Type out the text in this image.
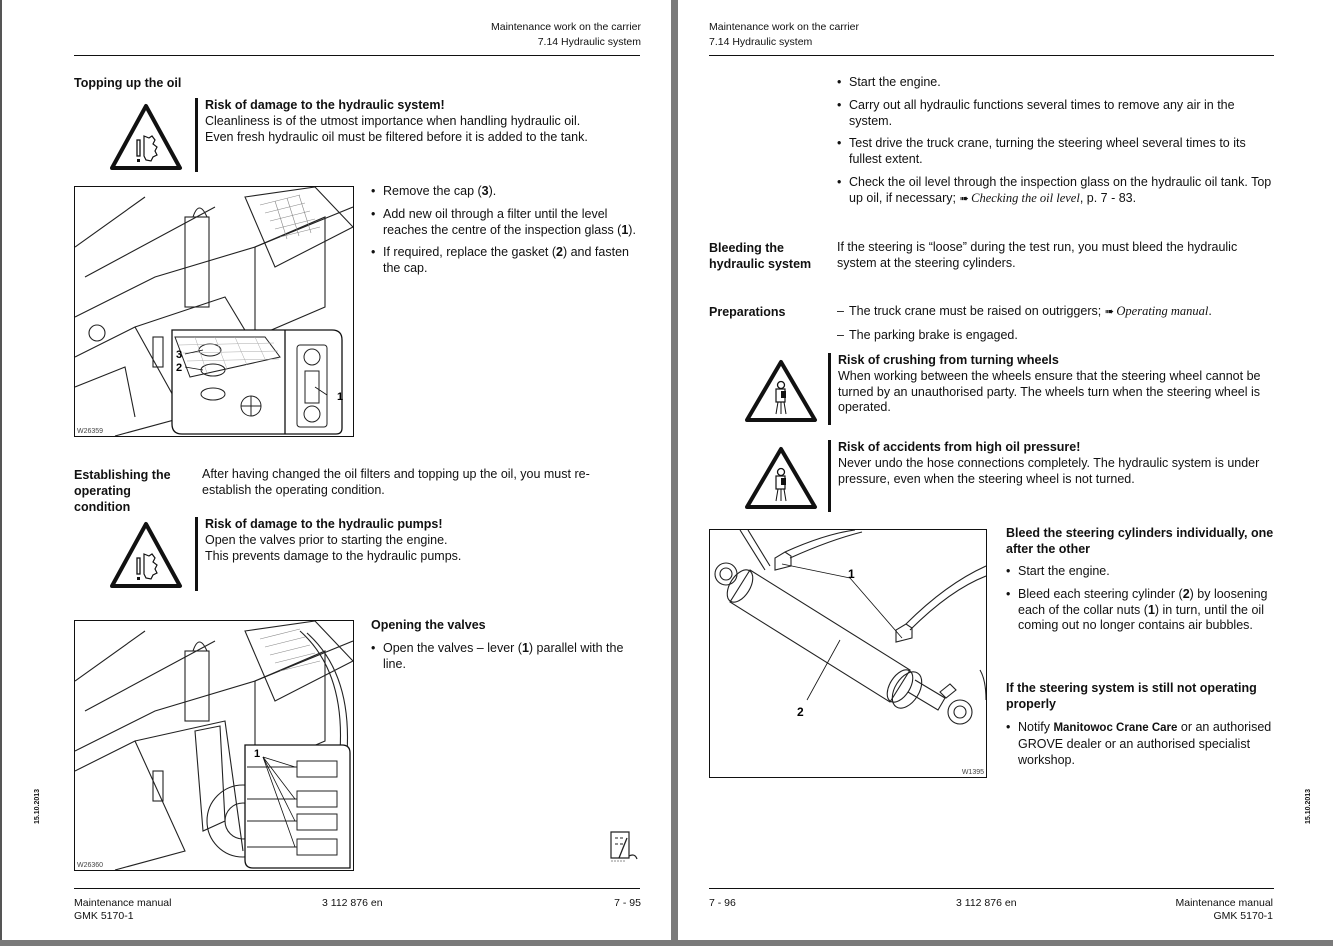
Maintenance work on the carrier
7.14 Hydraulic system
Topping up the oil
Risk of damage to the hydraulic system!
Cleanliness is of the utmost importance when handling hydraulic oil.
Even fresh hydraulic oil must be filtered before it is added to the tank.
3
2
1
W26359
• Remove the cap (3).
• Add new oil through a filter until the level reaches the centre of the inspection glass (1).
• If required, replace the gasket (2) and fasten the cap.
Establishing the operating condition
After having changed the oil filters and topping up the oil, you must re-establish the operating condition.
Risk of damage to the hydraulic pumps!
Open the valves prior to starting the engine.
This prevents damage to the hydraulic pumps.
1
W26360
Opening the valves
• Open the valves – lever (1) parallel with the line.
15.10.2013
Maintenance manual
GMK 5170-1
3 112 876 en	7 - 95
Maintenance work on the carrier
7.14 Hydraulic system
• Start the engine.
• Carry out all hydraulic functions several times to remove any air in the system.
• Test drive the truck crane, turning the steering wheel several times to its fullest extent.
• Check the oil level through the inspection glass on the hydraulic oil tank. Top up oil, if necessary; ➠ Checking the oil level, p. 7 - 83.
Bleeding the hydraulic system
If the steering is “loose” during the test run, you must bleed the hydraulic system at the steering cylinders.
Preparations	– The truck crane must be raised on outriggers; ➠ Operating manual.
– The parking brake is engaged.
Risk of crushing from turning wheels
When working between the wheels ensure that the steering wheel cannot be turned by an unauthorised party. The wheels turn when the steering wheel is operated.
Risk of accidents from high oil pressure!
Never undo the hose connections completely. The hydraulic system is under pressure, even when the steering wheel is not turned.
1
2
W1395
Bleed the steering cylinders individually, one after the other
• Start the engine.
• Bleed each steering cylinder (2) by loosening each of the collar nuts (1) in turn, until the oil coming out no longer contains air bubbles.
If the steering system is still not operating properly
• Notify Manitowoc Crane Care or an authorised GROVE dealer or an authorised specialist workshop.
15.10.2013
7 - 96	3 112 876 en	Maintenance manual
GMK 5170-1
